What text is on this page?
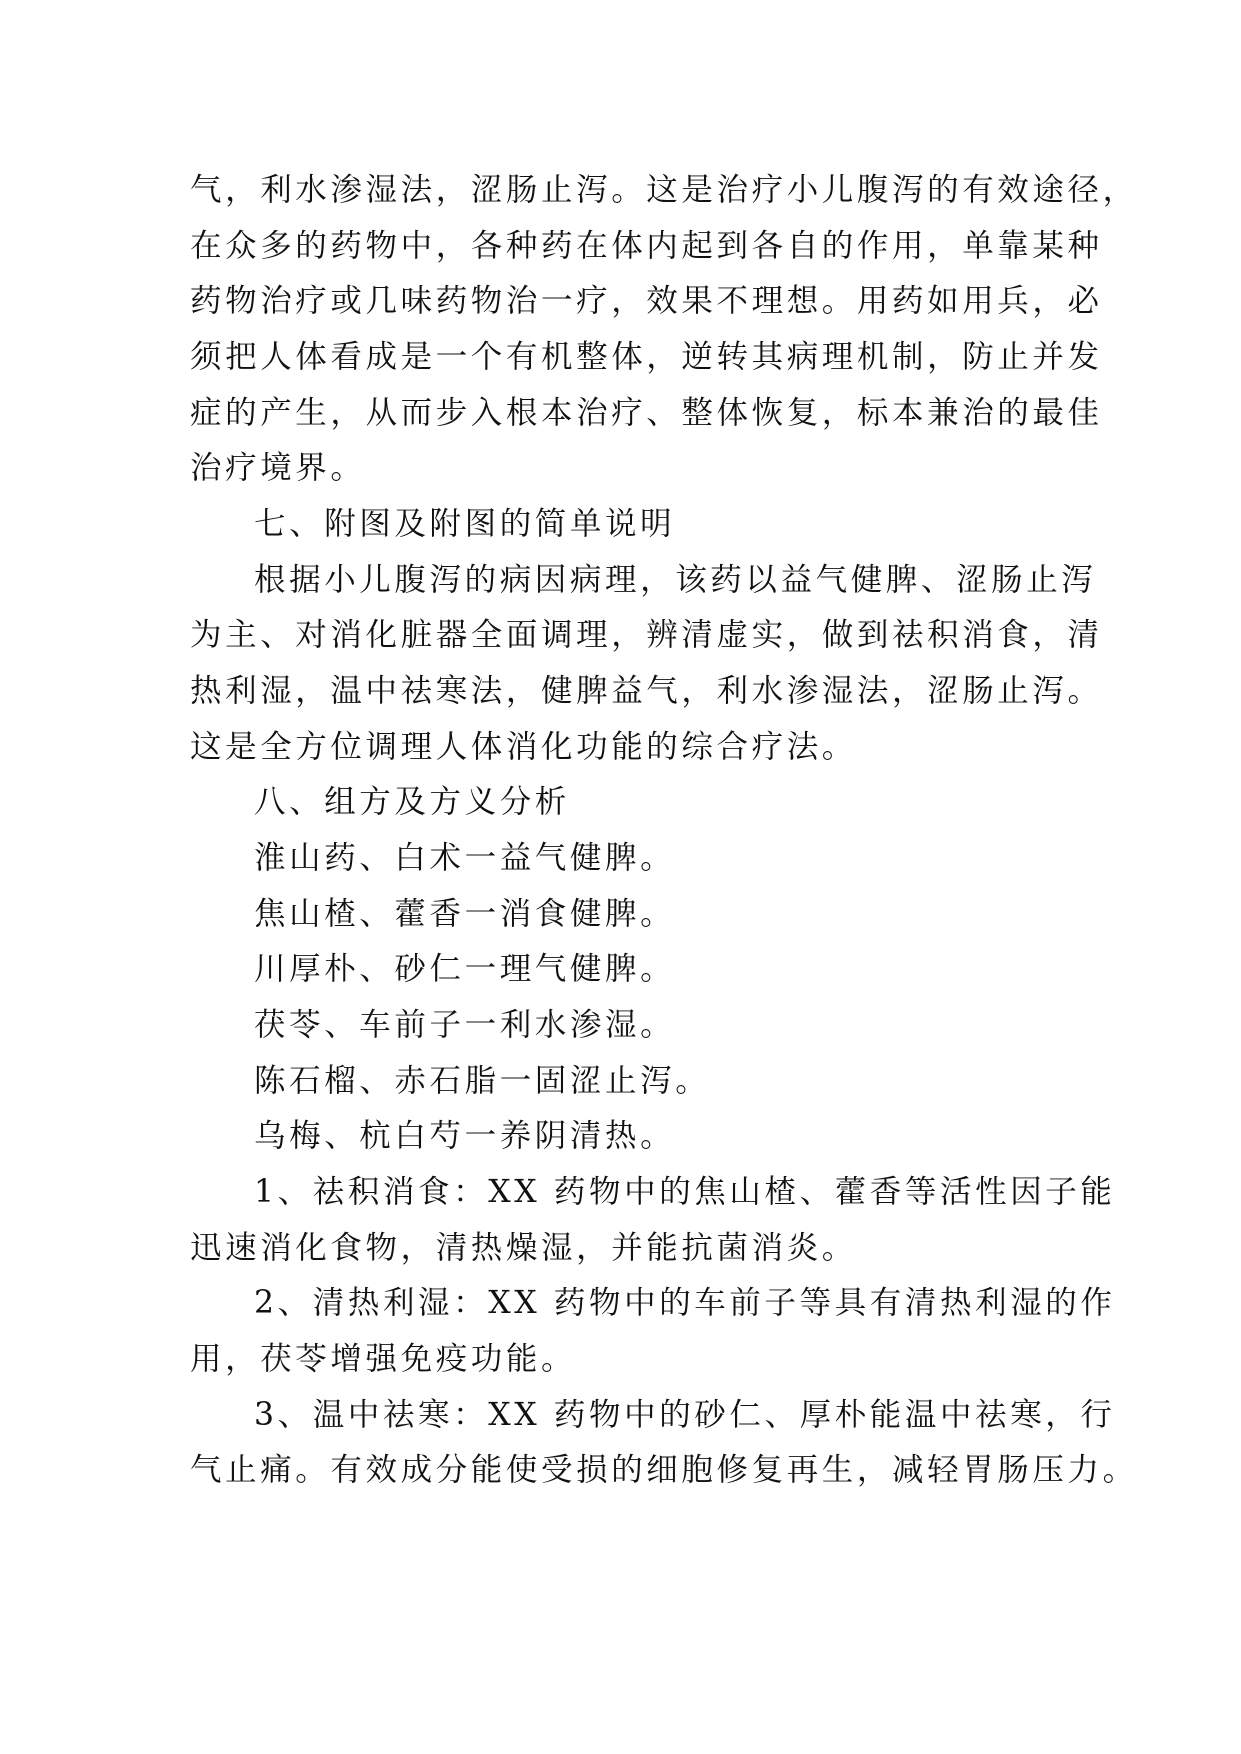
气，利水渗湿法，涩肠止泻。这是治疗小儿腹泻的有效途径，
在众多的药物中，各种药在体内起到各自的作用，单靠某种
药物治疗或几味药物治一疗，效果不理想。用药如用兵，必
须把人体看成是一个有机整体，逆转其病理机制，防止并发
症的产生，从而步入根本治疗、整体恢复，标本兼治的最佳
治疗境界。
七、附图及附图的简单说明
根据小儿腹泻的病因病理，该药以益气健脾、涩肠止泻
为主、对消化脏器全面调理，辨清虚实，做到祛积消食，清
热利湿，温中祛寒法，健脾益气，利水渗湿法，涩肠止泻。
这是全方位调理人体消化功能的综合疗法。
八、组方及方义分析
淮山药、白术一益气健脾。
焦山楂、藿香一消食健脾。
川厚朴、砂仁一理气健脾。
茯苓、车前子一利水渗湿。
陈石榴、赤石脂一固涩止泻。
乌梅、杭白芍一养阴清热。
1、祛积消食：XX 药物中的焦山楂、藿香等活性因子能
迅速消化食物，清热燥湿，并能抗菌消炎。
2、清热利湿：XX 药物中的车前子等具有清热利湿的作
用，茯苓增强免疫功能。
3、温中祛寒：XX 药物中的砂仁、厚朴能温中祛寒，行
气止痛。有效成分能使受损的细胞修复再生，减轻胃肠压力。
